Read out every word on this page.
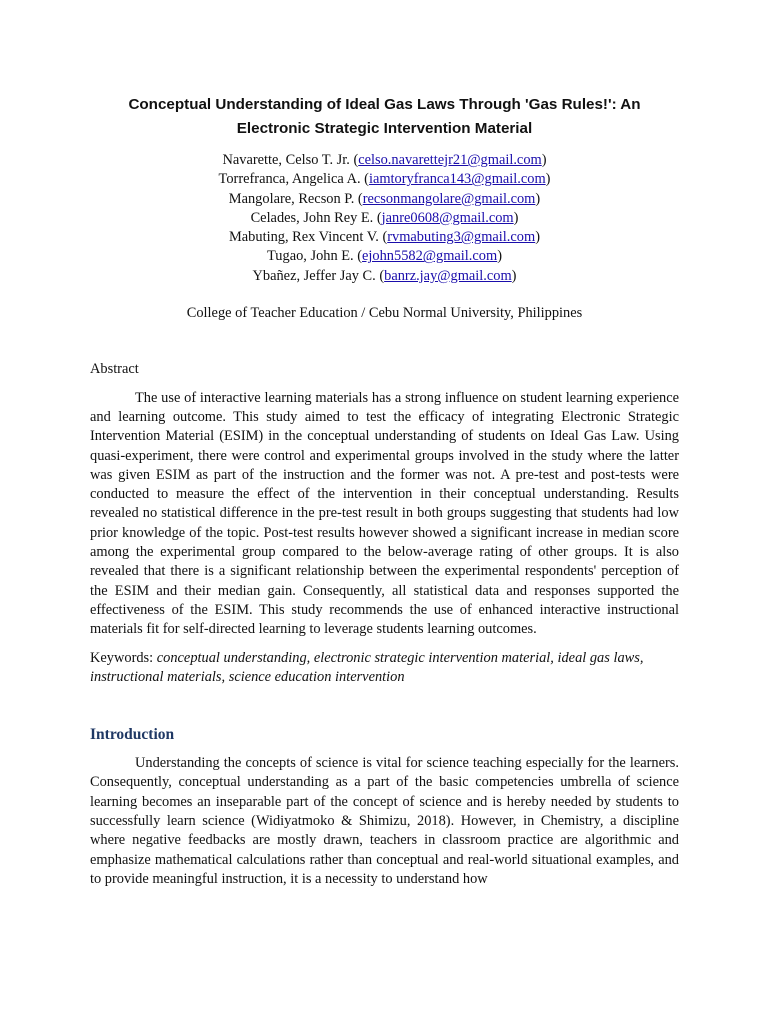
Conceptual Understanding of Ideal Gas Laws Through 'Gas Rules!': An Electronic Strategic Intervention Material
Navarette, Celso T. Jr. (celso.navarettejr21@gmail.com)
Torrefranca, Angelica A. (iamtoryfranca143@gmail.com)
Mangolare, Recson P. (recsonmangolare@gmail.com)
Celades, John Rey E. (janre0608@gmail.com)
Mabuting, Rex Vincent V. (rvmabuting3@gmail.com)
Tugao, John E. (ejohn5582@gmail.com)
Ybañez, Jeffer Jay C. (banrz.jay@gmail.com)
College of Teacher Education / Cebu Normal University, Philippines
Abstract

The use of interactive learning materials has a strong influence on student learning experience and learning outcome. This study aimed to test the efficacy of integrating Electronic Strategic Intervention Material (ESIM) in the conceptual understanding of students on Ideal Gas Law. Using quasi-experiment, there were control and experimental groups involved in the study where the latter was given ESIM as part of the instruction and the former was not. A pre-test and post-tests were conducted to measure the effect of the intervention in their conceptual understanding. Results revealed no statistical difference in the pre-test result in both groups suggesting that students had low prior knowledge of the topic. Post-test results however showed a significant increase in median score among the experimental group compared to the below-average rating of other groups. It is also revealed that there is a significant relationship between the experimental respondents' perception of the ESIM and their median gain. Consequently, all statistical data and responses supported the effectiveness of the ESIM. This study recommends the use of enhanced interactive instructional materials fit for self-directed learning to leverage students learning outcomes.

Keywords: conceptual understanding, electronic strategic intervention material, ideal gas laws, instructional materials, science education intervention

Introduction

Understanding the concepts of science is vital for science teaching especially for the learners. Consequently, conceptual understanding as a part of the basic competencies umbrella of science learning becomes an inseparable part of the concept of science and is hereby needed by students to successfully learn science (Widiyatmoko & Shimizu, 2018). However, in Chemistry, a discipline where negative feedbacks are mostly drawn, teachers in classroom practice are algorithmic and emphasize mathematical calculations rather than conceptual and real-world situational examples, and to provide meaningful instruction, it is a necessity to understand how
